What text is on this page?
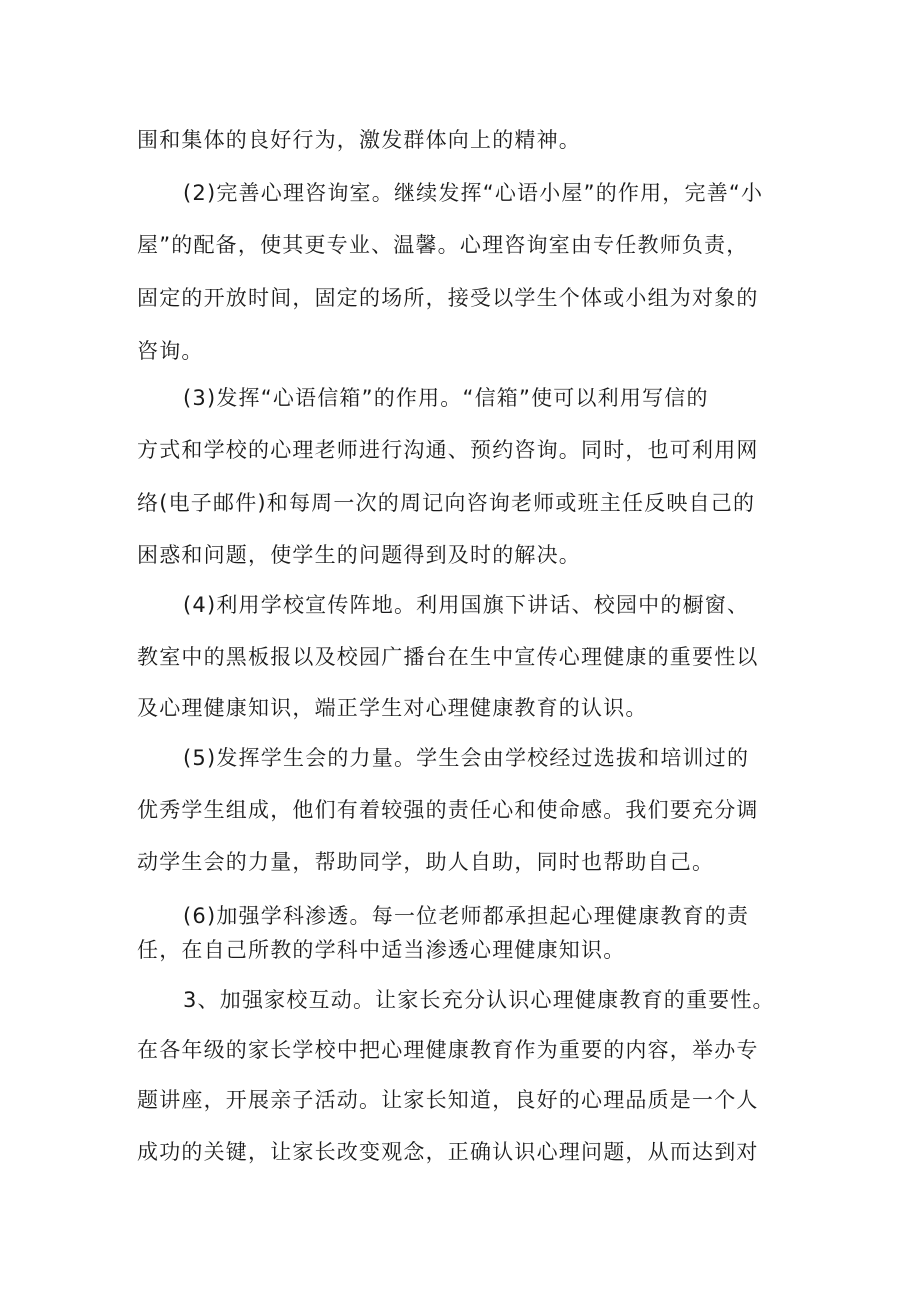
围和集体的良好行为，激发群体向上的精神。
(2)完善心理咨询室。继续发挥“心语小屋”的作用，完善“小
屋”的配备，使其更专业、温馨。心理咨询室由专任教师负责，
固定的开放时间，固定的场所，接受以学生个体或小组为对象的
咨询。
(3)发挥“心语信箱”的作用。“信箱”使可以利用写信的
方式和学校的心理老师进行沟通、预约咨询。同时，也可利用网
络(电子邮件)和每周一次的周记向咨询老师或班主任反映自己的
困惑和问题，使学生的问题得到及时的解决。
(4)利用学校宣传阵地。利用国旗下讲话、校园中的橱窗、
教室中的黑板报以及校园广播台在生中宣传心理健康的重要性以
及心理健康知识，端正学生对心理健康教育的认识。
(5)发挥学生会的力量。学生会由学校经过选拔和培训过的
优秀学生组成，他们有着较强的责任心和使命感。我们要充分调
动学生会的力量，帮助同学，助人自助，同时也帮助自己。
(6)加强学科渗透。每一位老师都承担起心理健康教育的责
任，在自己所教的学科中适当渗透心理健康知识。
3、加强家校互动。让家长充分认识心理健康教育的重要性。
在各年级的家长学校中把心理健康教育作为重要的内容，举办专
题讲座，开展亲子活动。让家长知道，良好的心理品质是一个人
成功的关键，让家长改变观念，正确认识心理问题，从而达到对
